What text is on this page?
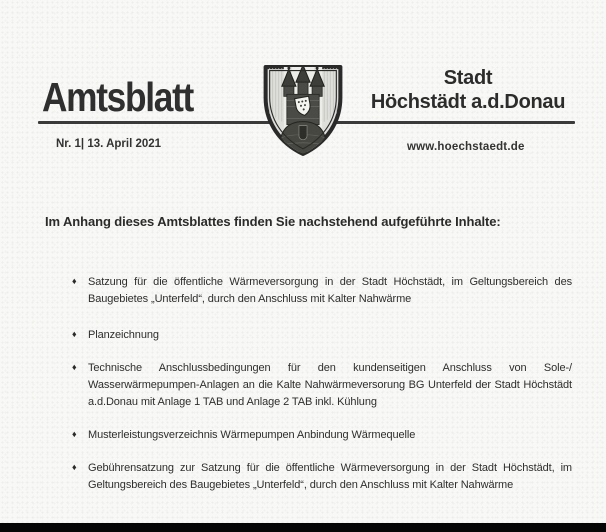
Amtsblatt	Stadt
Höchstädt a.d.Donau
Nr. 1| 13. April 2021	www.hoechstaedt.de

Im Anhang dieses Amtsblattes finden Sie nachstehend aufgeführte Inhalte:

♦ Satzung für die öffentliche Wärmeversorgung in der Stadt Höchstädt, im Geltungsbereich des Baugebietes „Unterfeld“, durch den Anschluss mit Kalter Nahwärme
♦ Planzeichnung
♦ Technische Anschlussbedingungen für den kundenseitigen Anschluss von Sole-/ Wasserwärmepumpen-Anlagen an die Kalte Nahwärmeversorung BG Unterfeld der Stadt Höchstädt a.d.Donau mit Anlage 1 TAB und Anlage 2 TAB inkl. Kühlung
♦ Musterleistungsverzeichnis Wärmepumpen Anbindung Wärmequelle
♦ Gebührensatzung zur Satzung für die öffentliche Wärmeversorgung in der Stadt Höchstädt, im Geltungsbereich des Baugebietes „Unterfeld“, durch den Anschluss mit Kalter Nahwärme
